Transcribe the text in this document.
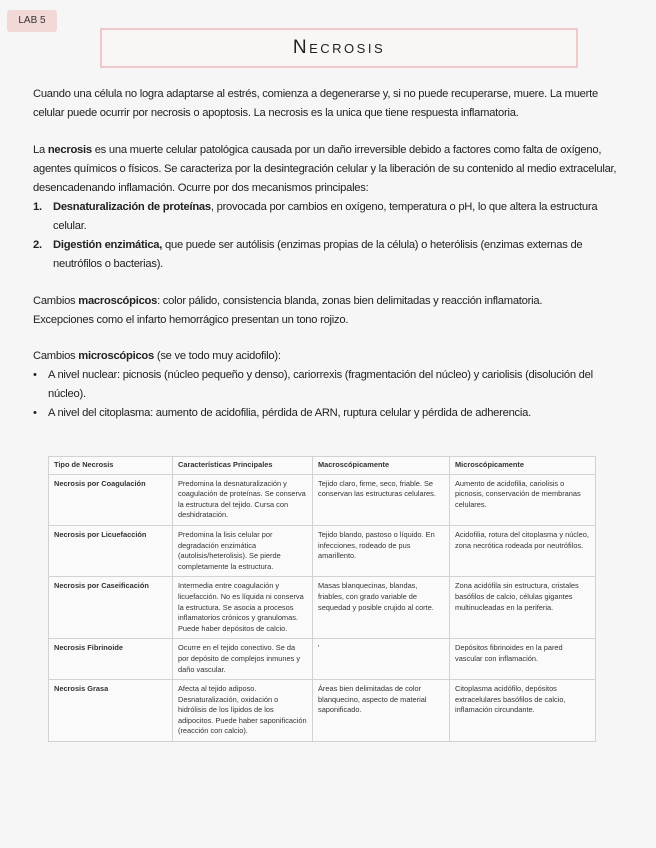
LAB 5
Necrosis

Cuando una célula no logra adaptarse al estrés, comienza a degenerarse y, si no puede recuperarse, muere. La muerte celular puede ocurrir por necrosis o apoptosis. La necrosis es la unica que tiene respuesta inflamatoria.

La necrosis es una muerte celular patológica causada por un daño irreversible debido a factores como falta de oxígeno, agentes químicos o físicos. Se caracteriza por la desintegración celular y la liberación de su contenido al medio extracelular, desencadenando inflamación. Ocurre por dos mecanismos principales:

1. Desnaturalización de proteínas, provocada por cambios en oxígeno, temperatura o pH, lo que altera la estructura celular.
2. Digestión enzimática, que puede ser autólisis (enzimas propias de la célula) o heterólisis (enzimas externas de neutrófilos o bacterias).

Cambios macroscópicos: color pálido, consistencia blanda, zonas bien delimitadas y reacción inflamatoria.

Excepciones como el infarto hemorrágico presentan un tono rojizo.

Cambios microscópicos (se ve todo muy acidofilo):

• A nivel nuclear: picnosis (núcleo pequeño y denso), cariorrexis (fragmentación del núcleo) y cariolisis (disolución del núcleo).
• A nivel del citoplasma: aumento de acidofilia, pérdida de ARN, ruptura celular y pérdida de adherencia.
Tipo de Necrosis	Características Principales	Macroscópicamente	Microscópicamente
Necrosis por Coagulación	Predomina la desnaturalización y coagulación de proteínas. Se conserva la estructura del tejido. Cursa con deshidratación.	Tejido claro, firme, seco, friable. Se conservan las estructuras celulares.	Aumento de acidofilia, cariolisis o picnosis, conservación de membranas celulares.
Necrosis por Licuefacción	Predomina la lisis celular por degradación enzimática (autolisis/heterolisis). Se pierde completamente la estructura.	Tejido blando, pastoso o líquido. En infecciones, rodeado de pus amarillento.	Acidofilia, rotura del citoplasma y núcleo, zona necrótica rodeada por neutrófilos.
Necrosis por Caseificación	Intermedia entre coagulación y licuefacción. No es líquida ni conserva la estructura. Se asocia a procesos inflamatorios crónicos y granulomas. Puede haber depósitos de calcio.	Masas blanquecinas, blandas, friables, con grado variable de sequedad y posible crujido al corte.	Zona acidófila sin estructura, cristales basófilos de calcio, células gigantes multinucleadas en la periferia.
Necrosis Fibrinoide	Ocurre en el tejido conectivo. Se da por depósito de complejos inmunes y daño vascular.	'	Depósitos fibrinoides en la pared vascular con inflamación.
Necrosis Grasa	Afecta al tejido adiposo. Desnaturalización, oxidación o hidrólisis de los lípidos de los adipocitos. Puede haber saponificación (reacción con calcio).	Áreas bien delimitadas de color blanquecino, aspecto de material saponificado.	Citoplasma acidófilo, depósitos extracelulares basófilos de calcio, inflamación circundante.
